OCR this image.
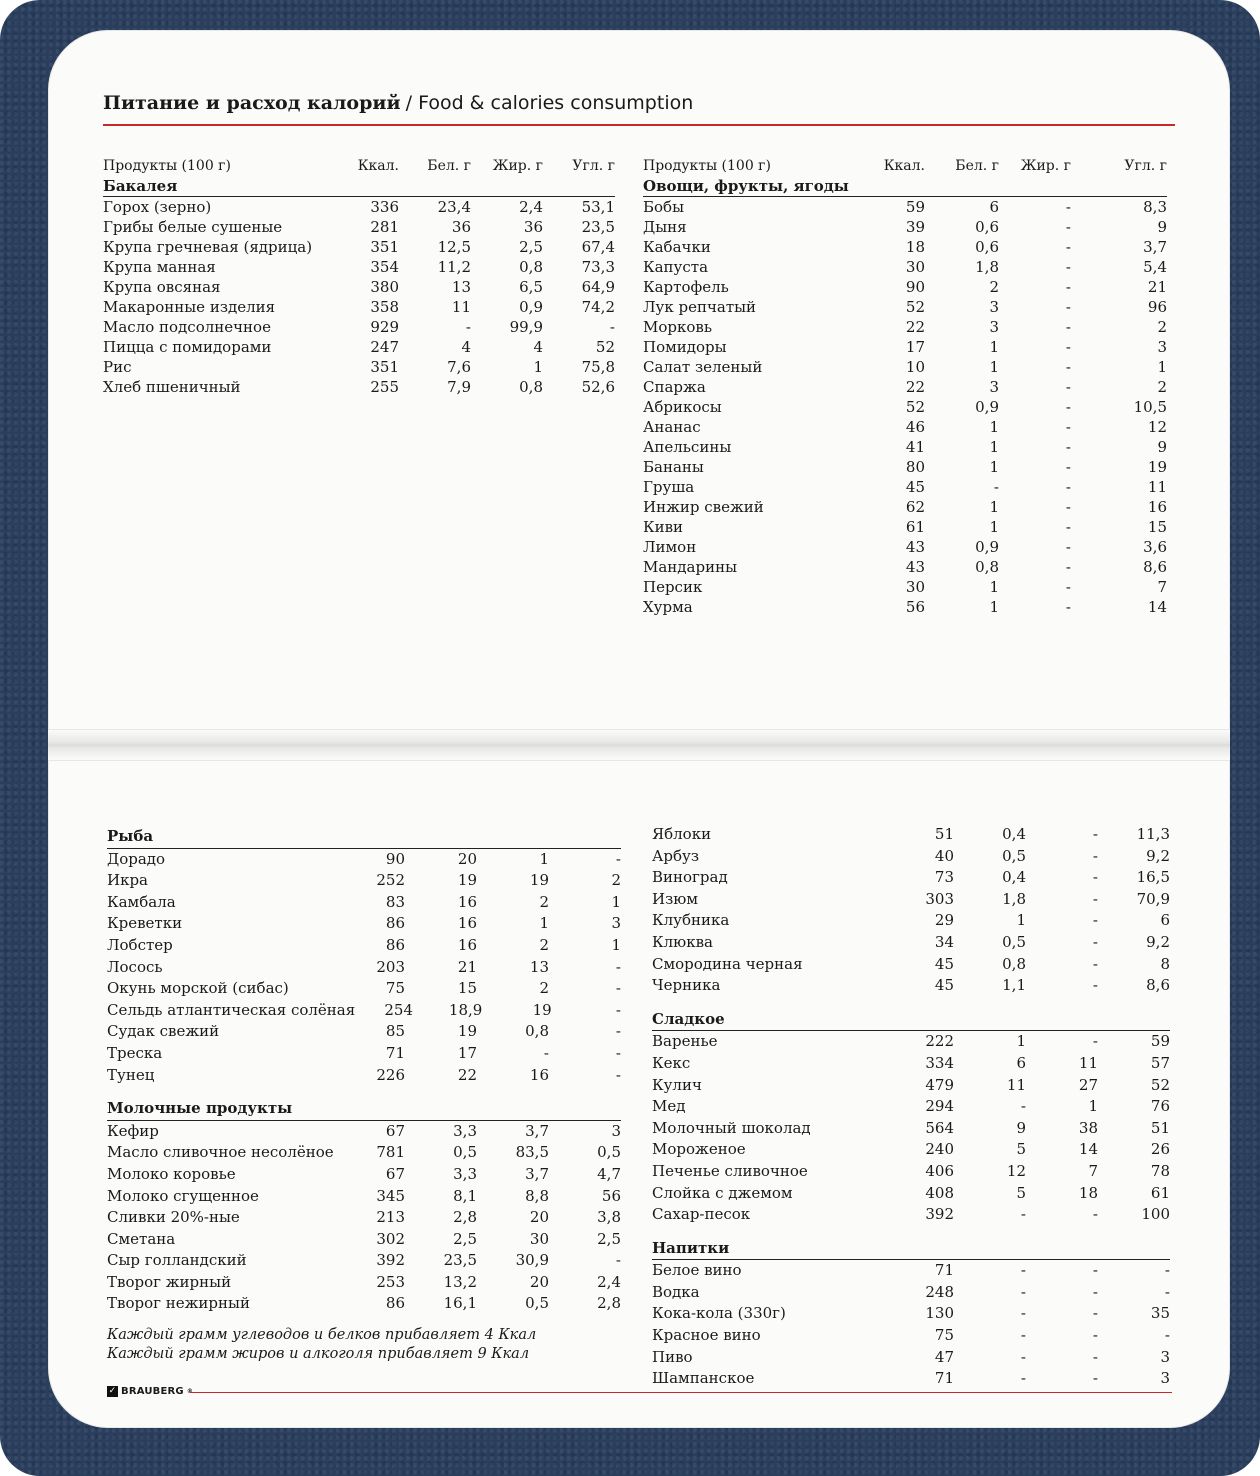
Питание и расход калорий / Food & calories consumption
Продукты (100 г)	Ккал.	Бел. г	Жир. г	Угл. г
Бакалея
Горох (зерно)	336	23,4	2,4	53,1
Грибы белые сушеные	281	36	36	23,5
Крупа гречневая (ядрица)	351	12,5	2,5	67,4
Крупа манная	354	11,2	0,8	73,3
Крупа овсяная	380	13	6,5	64,9
Макаронные изделия	358	11	0,9	74,2
Масло подсолнечное	929	-	99,9	-
Пицца с помидорами	247	4	4	52
Рис	351	7,6	1	75,8
Хлеб пшеничный	255	7,9	0,8	52,6
Продукты (100 г)	Ккал.	Бел. г	Жир. г	Угл. г
Овощи, фрукты, ягоды
Бобы	59	6	-	8,3
Дыня	39	0,6	-	9
Кабачки	18	0,6	-	3,7
Капуста	30	1,8	-	5,4
Картофель	90	2	-	21
Лук репчатый	52	3	-	96
Морковь	22	3	-	2
Помидоры	17	1	-	3
Салат зеленый	10	1	-	1
Спаржа	22	3	-	2
Абрикосы	52	0,9	-	10,5
Ананас	46	1	-	12
Апельсины	41	1	-	9
Бананы	80	1	-	19
Груша	45	-	-	11
Инжир свежий	62	1	-	16
Киви	61	1	-	15
Лимон	43	0,9	-	3,6
Мандарины	43	0,8	-	8,6
Персик	30	1	-	7
Хурма	56	1	-	14
Рыба
Дорадо	90	20	1	-
Икра	252	19	19	2
Камбала	83	16	2	1
Креветки	86	16	1	3
Лобстер	86	16	2	1
Лосось	203	21	13	-
Окунь морской (сибас)	75	15	2	-
Сельдь атлантическая солёная	254	18,9	19	-
Судак свежий	85	19	0,8	-
Треска	71	17	-	-
Тунец	226	22	16	-
Молочные продукты
Кефир	67	3,3	3,7	3
Масло сливочное несолёное	781	0,5	83,5	0,5
Молоко коровье	67	3,3	3,7	4,7
Молоко сгущенное	345	8,1	8,8	56
Сливки 20%-ные	213	2,8	20	3,8
Сметана	302	2,5	30	2,5
Сыр голландский	392	23,5	30,9	-
Творог жирный	253	13,2	20	2,4
Творог нежирный	86	16,1	0,5	2,8
Яблоки	51	0,4	-	11,3
Арбуз	40	0,5	-	9,2
Виноград	73	0,4	-	16,5
Изюм	303	1,8	-	70,9
Клубника	29	1	-	6
Клюква	34	0,5	-	9,2
Смородина черная	45	0,8	-	8
Черника	45	1,1	-	8,6
Сладкое
Варенье	222	1	-	59
Кекс	334	6	11	57
Кулич	479	11	27	52
Мед	294	-	1	76
Молочный шоколад	564	9	38	51
Мороженое	240	5	14	26
Печенье сливочное	406	12	7	78
Слойка с джемом	408	5	18	61
Сахар-песок	392	-	-	100
Напитки
Белое вино	71	-	-	-
Водка	248	-	-	-
Кока-кола (330г)	130	-	-	35
Красное вино	75	-	-	-
Пиво	47	-	-	3
Шампанское	71	-	-	3
Каждый грамм углеводов и белков прибавляет 4 Ккал
Каждый грамм жиров и алкоголя прибавляет 9 Ккал
✓ BRAUBERG ®
